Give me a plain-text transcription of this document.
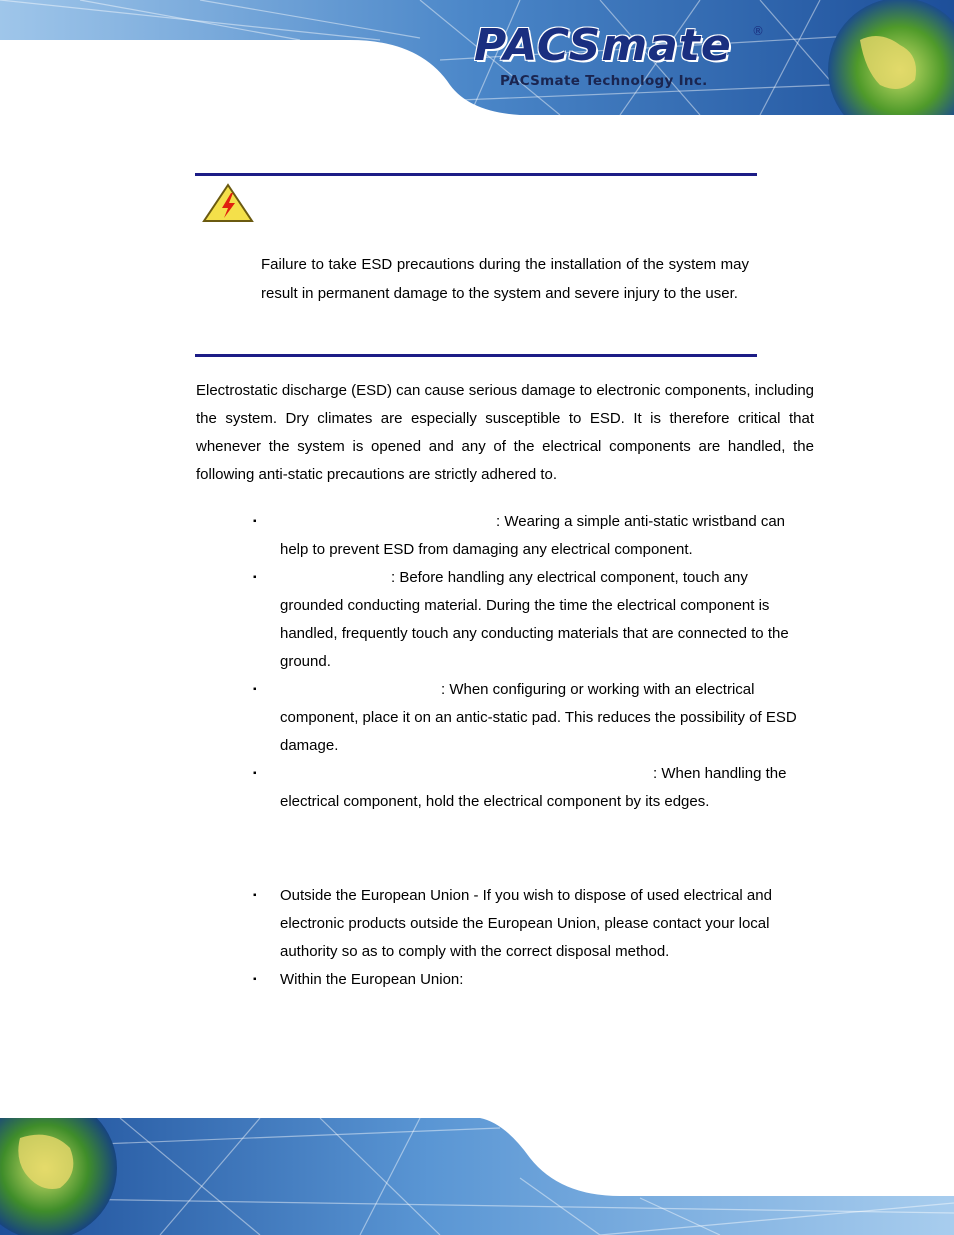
PACSmate ®
PACSmate Technology Inc.
Failure to take ESD precautions during the installation of the system may result in permanent damage to the system and severe injury to the user.
Electrostatic discharge (ESD) can cause serious damage to electronic components, including the system. Dry climates are especially susceptible to ESD. It is therefore critical that whenever the system is opened and any of the electrical components are handled, the following anti-static precautions are strictly adhered to.
▪	: Wearing a simple anti-static wristband can help to prevent ESD from damaging any electrical component.
▪	: Before handling any electrical component, touch any grounded conducting material. During the time the electrical component is handled, frequently touch any conducting materials that are connected to the ground.
▪	: When configuring or working with an electrical component, place it on an antic-static pad. This reduces the possibility of ESD damage.
▪	: When handling the electrical component, hold the electrical component by its edges.
▪ Outside the European Union - If you wish to dispose of used electrical and electronic products outside the European Union, please contact your local authority so as to comply with the correct disposal method.
▪ Within the European Union:
